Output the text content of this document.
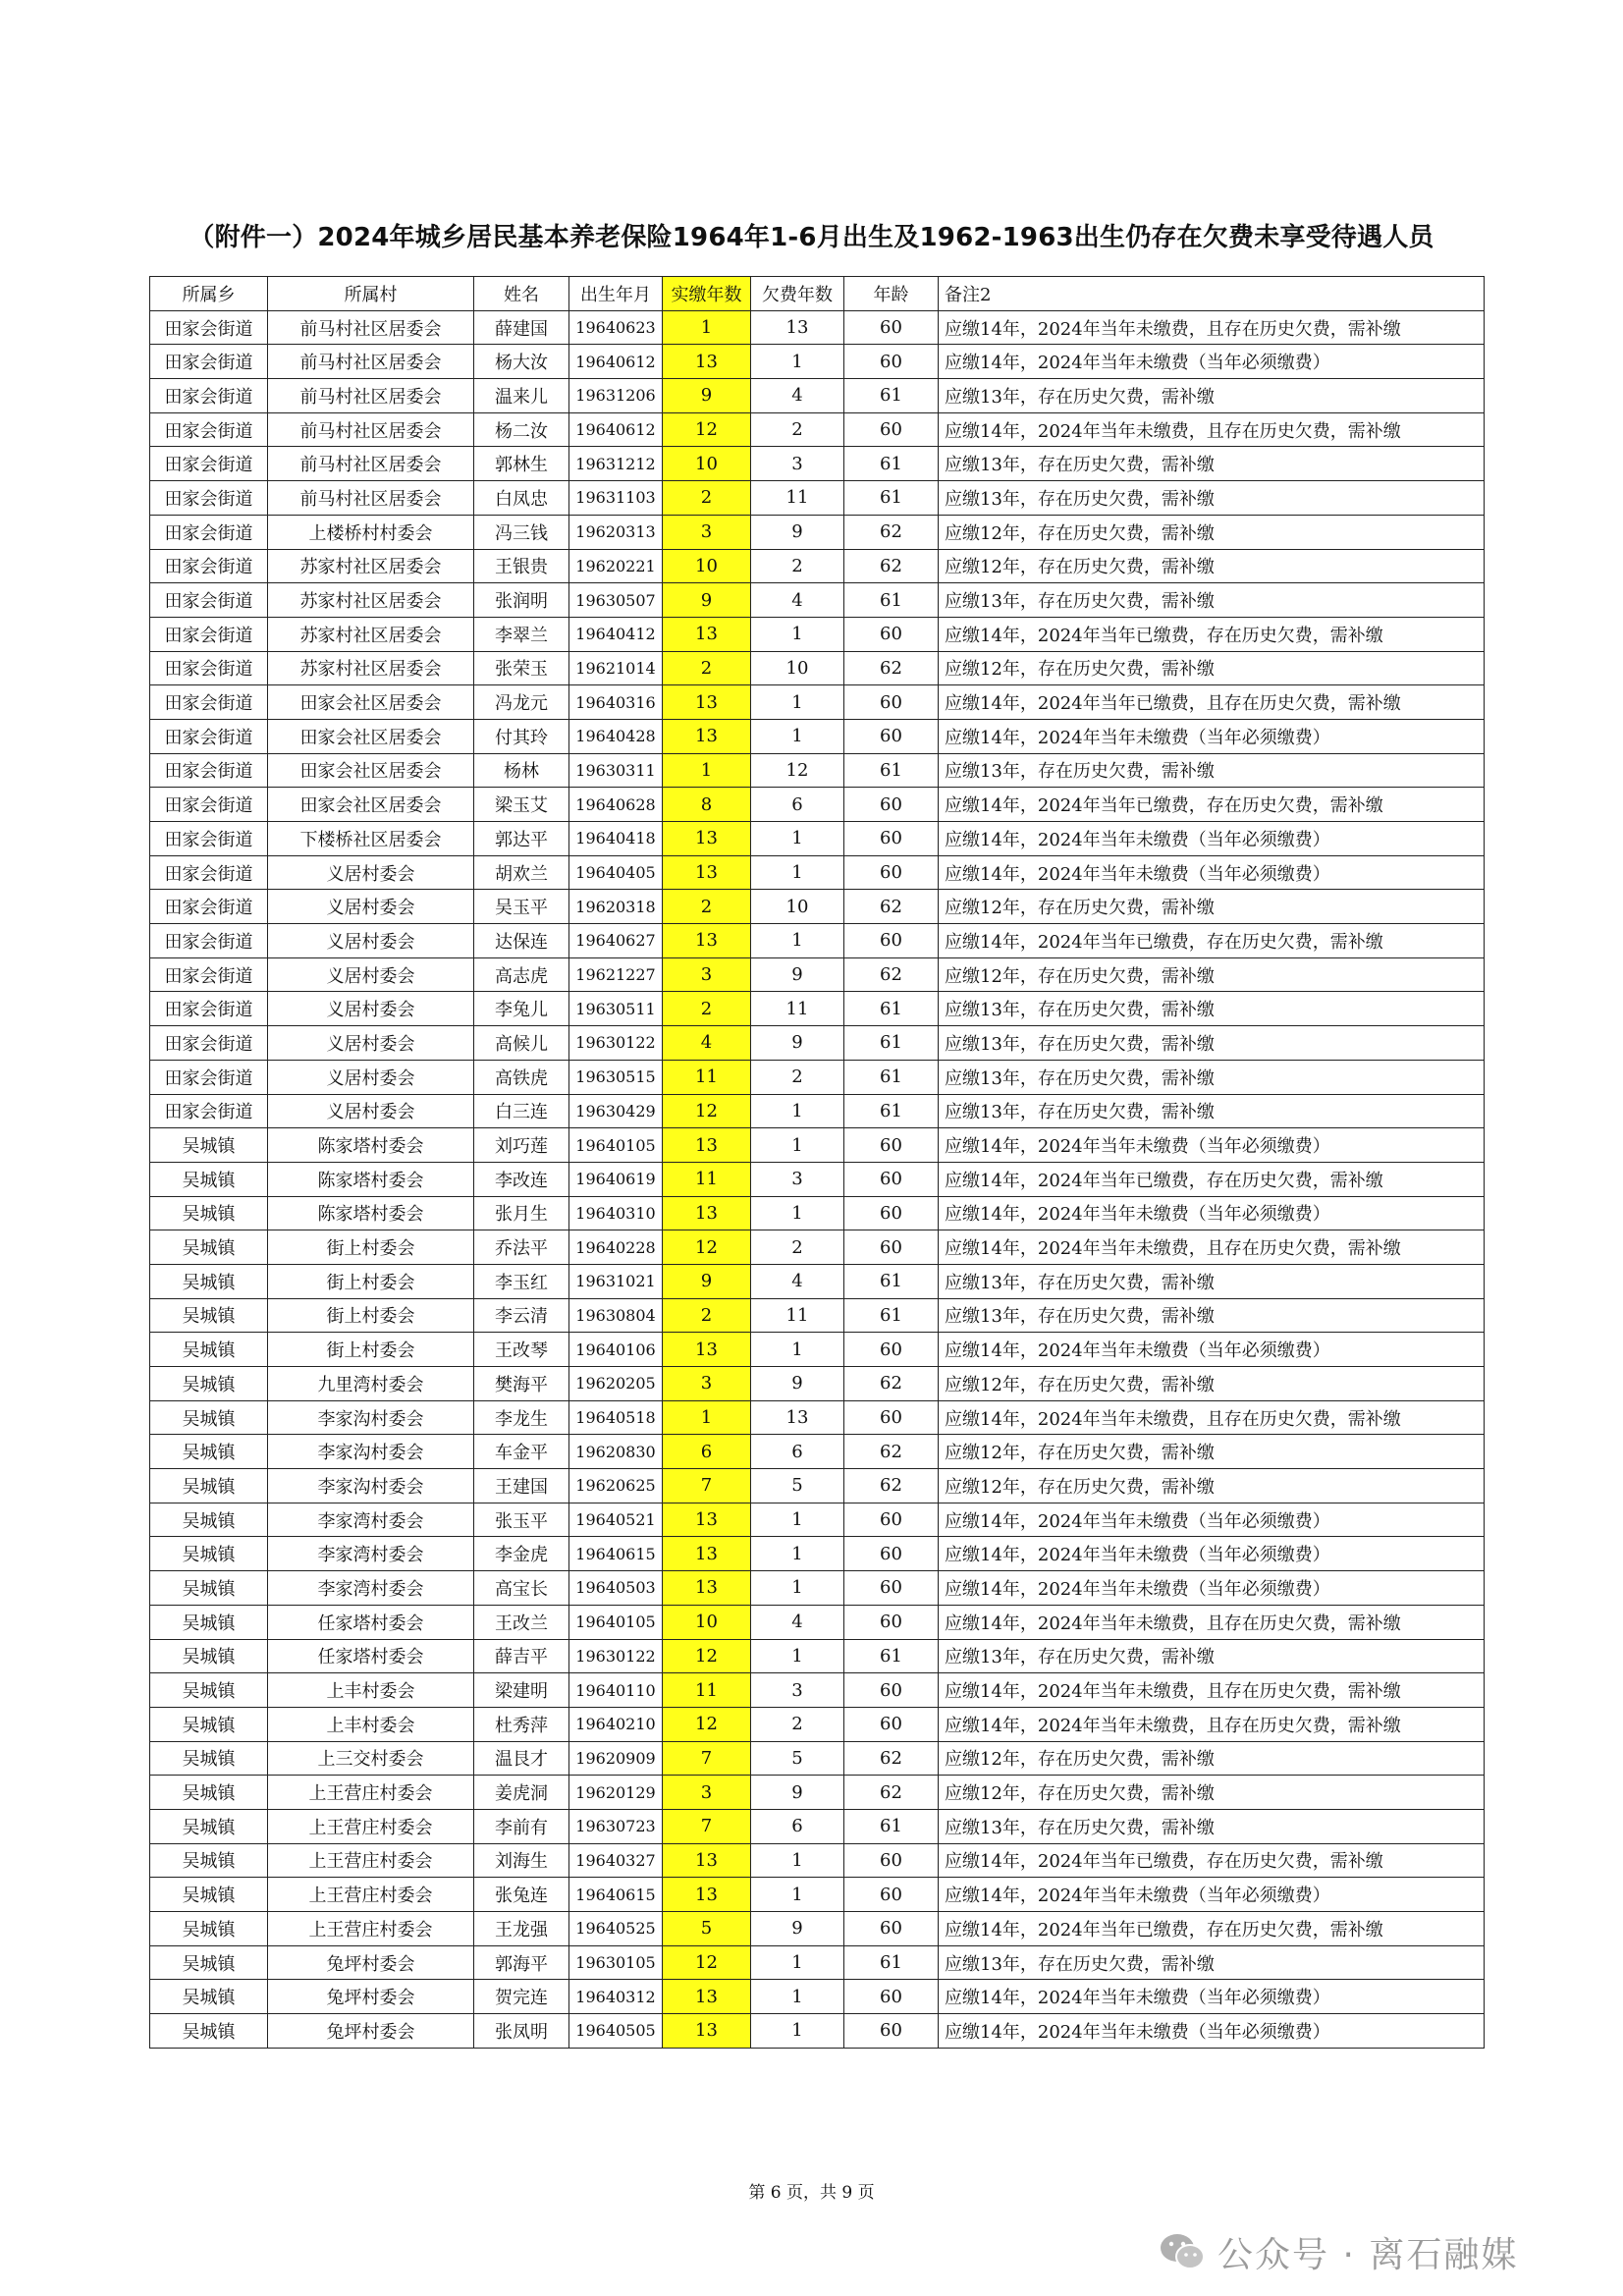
（附件一）2024年城乡居民基本养老保险1964年1-6月出生及1962-1963出生仍存在欠费未享受待遇人员
所属乡	所属村	姓名	出生年月	实缴年数	欠费年数	年龄	备注2
田家会街道	前马村社区居委会	薛建国	19640623	1	13	60	应缴14年，2024年当年未缴费，且存在历史欠费，需补缴
田家会街道	前马村社区居委会	杨大汝	19640612	13	1	60	应缴14年，2024年当年未缴费（当年必须缴费）
田家会街道	前马村社区居委会	温来儿	19631206	9	4	61	应缴13年，存在历史欠费，需补缴
田家会街道	前马村社区居委会	杨二汝	19640612	12	2	60	应缴14年，2024年当年未缴费，且存在历史欠费，需补缴
田家会街道	前马村社区居委会	郭林生	19631212	10	3	61	应缴13年，存在历史欠费，需补缴
田家会街道	前马村社区居委会	白凤忠	19631103	2	11	61	应缴13年，存在历史欠费，需补缴
田家会街道	上楼桥村村委会	冯三钱	19620313	3	9	62	应缴12年，存在历史欠费，需补缴
田家会街道	苏家村社区居委会	王银贵	19620221	10	2	62	应缴12年，存在历史欠费，需补缴
田家会街道	苏家村社区居委会	张润明	19630507	9	4	61	应缴13年，存在历史欠费，需补缴
田家会街道	苏家村社区居委会	李翠兰	19640412	13	1	60	应缴14年，2024年当年已缴费，存在历史欠费，需补缴
田家会街道	苏家村社区居委会	张荣玉	19621014	2	10	62	应缴12年，存在历史欠费，需补缴
田家会街道	田家会社区居委会	冯龙元	19640316	13	1	60	应缴14年，2024年当年已缴费，且存在历史欠费，需补缴
田家会街道	田家会社区居委会	付其玲	19640428	13	1	60	应缴14年，2024年当年未缴费（当年必须缴费）
田家会街道	田家会社区居委会	杨林	19630311	1	12	61	应缴13年，存在历史欠费，需补缴
田家会街道	田家会社区居委会	梁玉艾	19640628	8	6	60	应缴14年，2024年当年已缴费，存在历史欠费，需补缴
田家会街道	下楼桥社区居委会	郭达平	19640418	13	1	60	应缴14年，2024年当年未缴费（当年必须缴费）
田家会街道	义居村委会	胡欢兰	19640405	13	1	60	应缴14年，2024年当年未缴费（当年必须缴费）
田家会街道	义居村委会	吴玉平	19620318	2	10	62	应缴12年，存在历史欠费，需补缴
田家会街道	义居村委会	达保连	19640627	13	1	60	应缴14年，2024年当年已缴费，存在历史欠费，需补缴
田家会街道	义居村委会	高志虎	19621227	3	9	62	应缴12年，存在历史欠费，需补缴
田家会街道	义居村委会	李兔儿	19630511	2	11	61	应缴13年，存在历史欠费，需补缴
田家会街道	义居村委会	高候儿	19630122	4	9	61	应缴13年，存在历史欠费，需补缴
田家会街道	义居村委会	高铁虎	19630515	11	2	61	应缴13年，存在历史欠费，需补缴
田家会街道	义居村委会	白三连	19630429	12	1	61	应缴13年，存在历史欠费，需补缴
吴城镇	陈家塔村委会	刘巧莲	19640105	13	1	60	应缴14年，2024年当年未缴费（当年必须缴费）
吴城镇	陈家塔村委会	李改连	19640619	11	3	60	应缴14年，2024年当年已缴费，存在历史欠费，需补缴
吴城镇	陈家塔村委会	张月生	19640310	13	1	60	应缴14年，2024年当年未缴费（当年必须缴费）
吴城镇	街上村委会	乔法平	19640228	12	2	60	应缴14年，2024年当年未缴费，且存在历史欠费，需补缴
吴城镇	街上村委会	李玉红	19631021	9	4	61	应缴13年，存在历史欠费，需补缴
吴城镇	街上村委会	李云清	19630804	2	11	61	应缴13年，存在历史欠费，需补缴
吴城镇	街上村委会	王改琴	19640106	13	1	60	应缴14年，2024年当年未缴费（当年必须缴费）
吴城镇	九里湾村委会	樊海平	19620205	3	9	62	应缴12年，存在历史欠费，需补缴
吴城镇	李家沟村委会	李龙生	19640518	1	13	60	应缴14年，2024年当年未缴费，且存在历史欠费，需补缴
吴城镇	李家沟村委会	车金平	19620830	6	6	62	应缴12年，存在历史欠费，需补缴
吴城镇	李家沟村委会	王建国	19620625	7	5	62	应缴12年，存在历史欠费，需补缴
吴城镇	李家湾村委会	张玉平	19640521	13	1	60	应缴14年，2024年当年未缴费（当年必须缴费）
吴城镇	李家湾村委会	李金虎	19640615	13	1	60	应缴14年，2024年当年未缴费（当年必须缴费）
吴城镇	李家湾村委会	高宝长	19640503	13	1	60	应缴14年，2024年当年未缴费（当年必须缴费）
吴城镇	任家塔村委会	王改兰	19640105	10	4	60	应缴14年，2024年当年未缴费，且存在历史欠费，需补缴
吴城镇	任家塔村委会	薛吉平	19630122	12	1	61	应缴13年，存在历史欠费，需补缴
吴城镇	上丰村委会	梁建明	19640110	11	3	60	应缴14年，2024年当年未缴费，且存在历史欠费，需补缴
吴城镇	上丰村委会	杜秀萍	19640210	12	2	60	应缴14年，2024年当年未缴费，且存在历史欠费，需补缴
吴城镇	上三交村委会	温艮才	19620909	7	5	62	应缴12年，存在历史欠费，需补缴
吴城镇	上王营庄村委会	姜虎洞	19620129	3	9	62	应缴12年，存在历史欠费，需补缴
吴城镇	上王营庄村委会	李前有	19630723	7	6	61	应缴13年，存在历史欠费，需补缴
吴城镇	上王营庄村委会	刘海生	19640327	13	1	60	应缴14年，2024年当年已缴费，存在历史欠费，需补缴
吴城镇	上王营庄村委会	张兔连	19640615	13	1	60	应缴14年，2024年当年未缴费（当年必须缴费）
吴城镇	上王营庄村委会	王龙强	19640525	5	9	60	应缴14年，2024年当年已缴费，存在历史欠费，需补缴
吴城镇	兔坪村委会	郭海平	19630105	12	1	61	应缴13年，存在历史欠费，需补缴
吴城镇	兔坪村委会	贺完连	19640312	13	1	60	应缴14年，2024年当年未缴费（当年必须缴费）
吴城镇	兔坪村委会	张凤明	19640505	13	1	60	应缴14年，2024年当年未缴费（当年必须缴费）
第 6 页，共 9 页
公众号 · 离石融媒
